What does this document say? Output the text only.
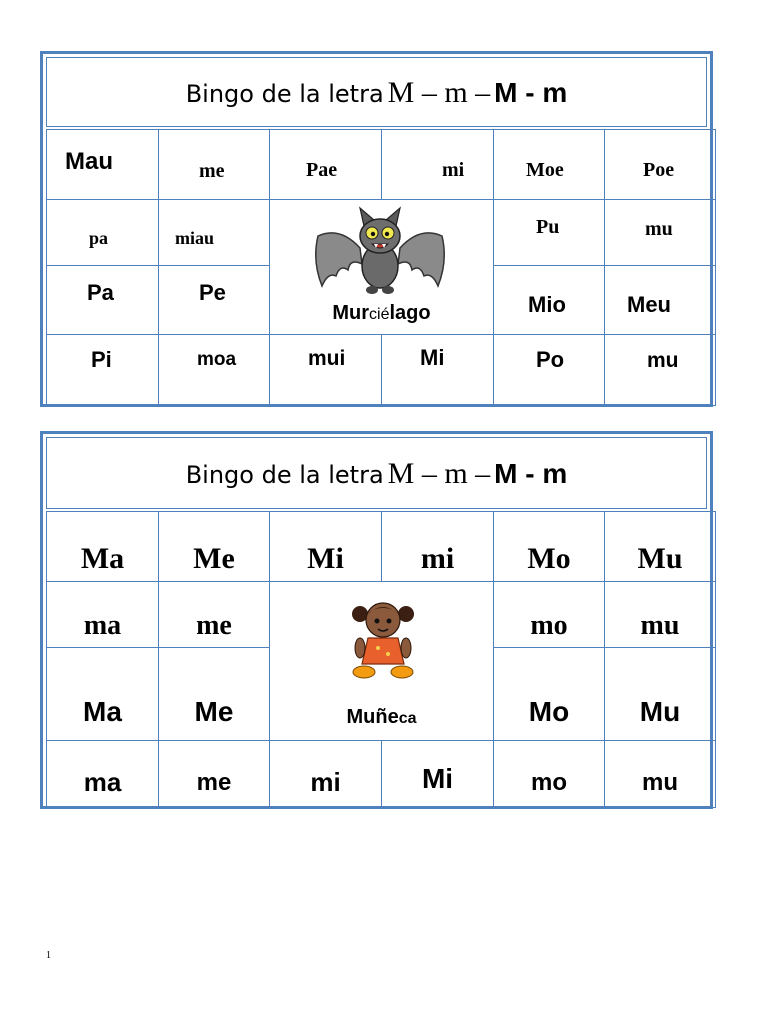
Bingo de la letra M – m – M - m
Mau	me	Pae	mi	Moe	Poe

pa	miau	Murciélago		Pu	mu

Pa	Pe			Mio	Meu

Pi	moa	mui	Mi	Po	mu
Bingo de la letra M – m – M - m
Ma	Me	Mi	mi	Mo	Mu

ma	me	Muñeca		mo	mu

Ma	Me			Mo	Mu

ma	me	mi	Mi	mo	mu
1
